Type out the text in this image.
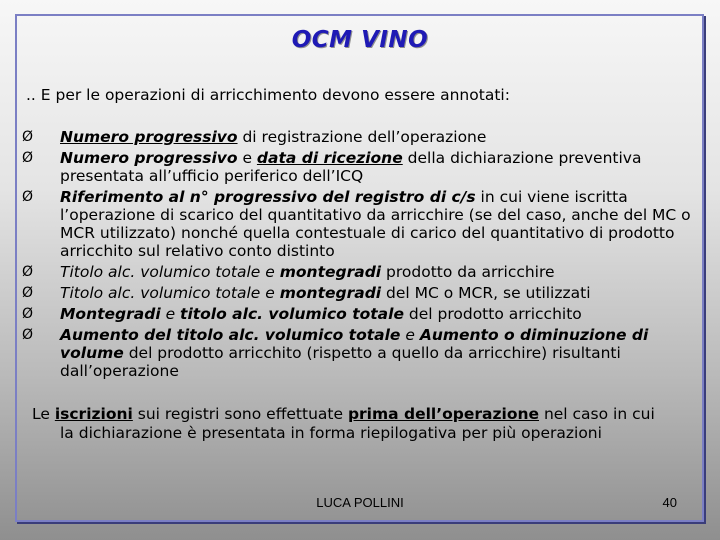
OCM VINO
.. E per le operazioni di arricchimento devono essere annotati:
Ø	Numero progressivo di registrazione dell’operazione
Ø	Numero progressivo e data di ricezione della dichiarazione preventiva presentata all’ufficio periferico dell’ICQ
Ø	Riferimento al n° progressivo del registro di c/s in cui viene iscritta l’operazione di scarico del quantitativo da arricchire (se del caso, anche del MC o MCR utilizzato) nonché quella contestuale di carico del quantitativo di prodotto arricchito sul relativo conto distinto
Ø	Titolo alc. volumico totale e montegradi prodotto da arricchire
Ø	Titolo alc. volumico totale e montegradi del MC o MCR, se utilizzati
Ø	Montegradi e titolo alc. volumico totale del prodotto arricchito
Ø	Aumento del titolo alc. volumico totale e Aumento o diminuzione di volume del prodotto arricchito (rispetto a quello da arricchire) risultanti dall’operazione
Le iscrizioni sui registri sono effettuate prima dell’operazione nel caso in cui
la dichiarazione è presentata in forma riepilogativa per più operazioni
LUCA POLLINI	40
